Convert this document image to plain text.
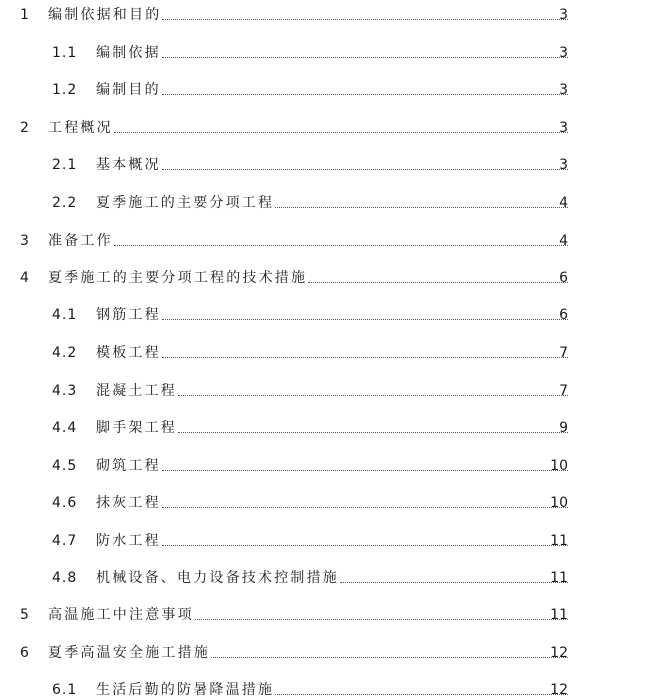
1	编制依据和目的	3
1.1	编制依据	3
1.2	编制目的	3
2	工程概况	3
2.1	基本概况	3
2.2	夏季施工的主要分项工程	4
3	准备工作	4
4	夏季施工的主要分项工程的技术措施	6
4.1	钢筋工程	6
4.2	模板工程	7
4.3	混凝土工程	7
4.4	脚手架工程	9
4.5	砌筑工程	10
4.6	抹灰工程	10
4.7	防水工程	11
4.8	机械设备、电力设备技术控制措施	11
5	高温施工中注意事项	11
6	夏季高温安全施工措施	12
6.1	生活后勤的防暑降温措施	12
